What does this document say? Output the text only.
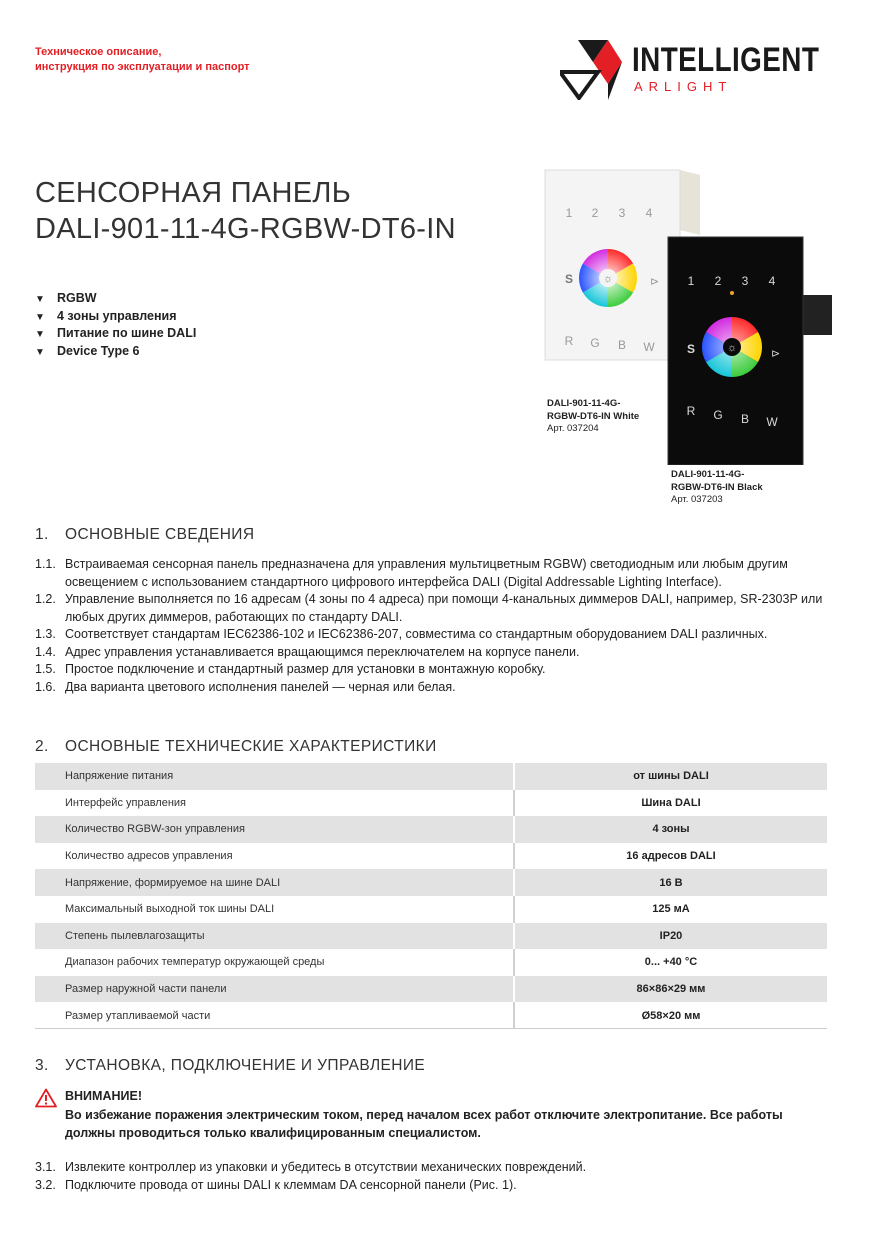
Техническое описание,
инструкция по эксплуатации и паспорт	INTELLIGENT
ARLIGHT
СЕНСОРНАЯ ПАНЕЛЬ
DALI-901-11-4G-RGBW-DT6-IN
▼ RGBW
▼ 4 зоны управления
▼ Питание по шине DALI
▼ Device Type 6
1 2 3 4
S
R G B W
☼	⊳ 1 2 3 4
S
R G B W
☼	⊳
DALI-901-11-4G-
RGBW-DT6-IN White
Арт. 037204
DALI-901-11-4G-
RGBW-DT6-IN Black
Арт. 037203
1. ОСНОВНЫЕ СВЕДЕНИЯ
1.1. Встраиваемая сенсорная панель предназначена для управления мультицветным RGBW) светодиодным или любым другим освещением с использованием стандартного цифрового интерфейса DALI (Digital Addressable Lighting Interface).
1.2. Управление выполняется по 16 адресам (4 зоны по 4 адреса) при помощи 4-канальных диммеров DALI, например, SR-2303P или любых других диммеров, работающих по стандарту DALI.
1.3. Соответствует стандартам IEC62386-102 и IEC62386-207, совместима со стандартным оборудованием DALI различных.
1.4. Адрес управления устанавливается вращающимся переключателем на корпусе панели.
1.5. Простое подключение и стандартный размер для установки в монтажную коробку.
1.6. Два варианта цветового исполнения панелей — черная или белая.
2. ОСНОВНЫЕ ТЕХНИЧЕСКИЕ ХАРАКТЕРИСТИКИ
Напряжение питания	от шины DALI
Интерфейс управления	Шина DALI
Количество RGBW-зон управления	4 зоны
Количество адресов управления	16 адресов DALI
Напряжение, формируемое на шине DALI	16 В
Максимальный выходной ток шины DALI	125 мА
Степень пылевлагозащиты	IP20
Диапазон рабочих температур окружающей среды	0... +40 °С
Размер наружной части панели	86×86×29 мм
Размер утапливаемой части	Ø58×20 мм
3. УСТАНОВКА, ПОДКЛЮЧЕНИЕ И УПРАВЛЕНИЕ
ВНИМАНИЕ!
Во избежание поражения электрическим током, перед началом всех работ отключите электропитание. Все работы должны проводиться только квалифицированным специалистом.
3.1. Извлеките контроллер из упаковки и убедитесь в отсутствии механических повреждений.
3.2. Подключите провода от шины DALI к клеммам DA сенсорной панели (Рис. 1).
